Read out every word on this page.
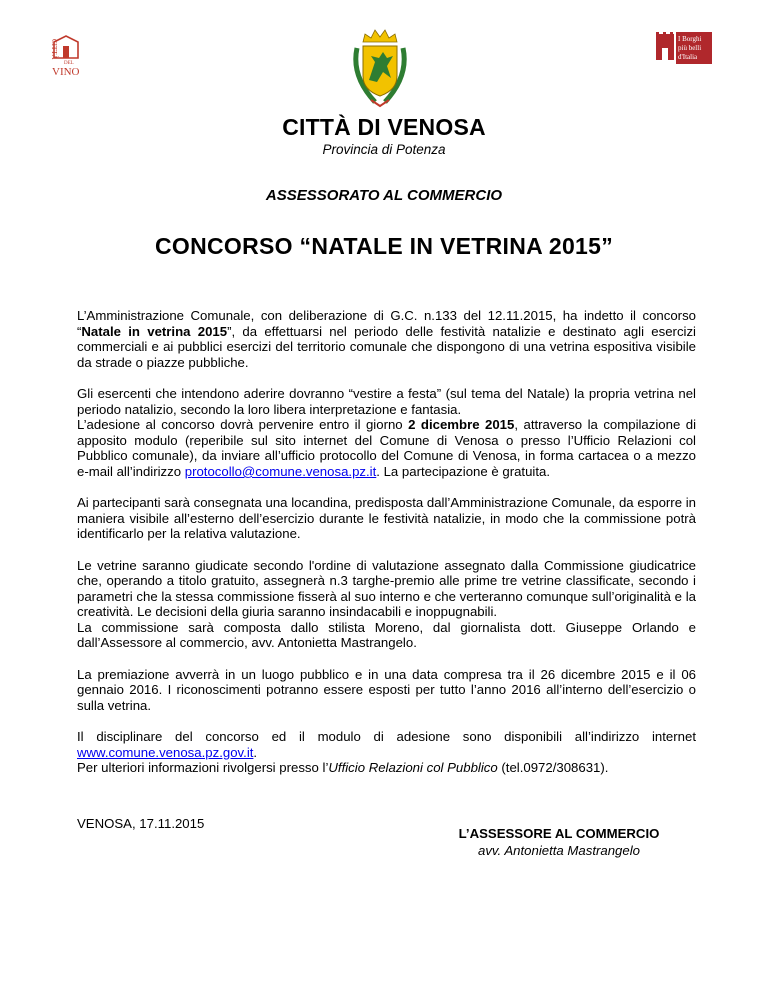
CITTÀ
DEL
VINO
I Borghi
più belli
d'Italia
CITTÀ DI VENOSA
Provincia di Potenza
ASSESSORATO AL COMMERCIO
CONCORSO “NATALE IN VETRINA 2015”

L’Amministrazione Comunale, con deliberazione di G.C. n.133 del 12.11.2015, ha indetto il concorso “Natale in vetrina 2015”, da effettuarsi nel periodo delle festività natalizie e destinato agli esercizi commerciali e ai pubblici esercizi del territorio comunale che dispongono di una vetrina espositiva visibile da strade o piazze pubbliche.

Gli esercenti che intendono aderire dovranno “vestire a festa” (sul tema del Natale) la propria vetrina nel periodo natalizio, secondo la loro libera interpretazione e fantasia.
L’adesione al concorso dovrà pervenire entro il giorno 2 dicembre 2015, attraverso la compilazione di apposito modulo (reperibile sul sito internet del Comune di Venosa o presso l’Ufficio Relazioni col Pubblico comunale), da inviare all’ufficio protocollo del Comune di Venosa, in forma cartacea o a mezzo e-mail all’indirizzo protocollo@comune.venosa.pz.it. La partecipazione è gratuita.

Ai partecipanti sarà consegnata una locandina, predisposta dall’Amministrazione Comunale, da esporre in maniera visibile all’esterno dell’esercizio durante le festività natalizie, in modo che la commissione potrà identificarlo per la relativa valutazione.

Le vetrine saranno giudicate secondo l'ordine di valutazione assegnato dalla Commissione giudicatrice che, operando a titolo gratuito, assegnerà n.3 targhe-premio alle prime tre vetrine classificate, secondo i parametri che la stessa commissione fisserà al suo interno e che verteranno comunque sull’originalità e la creatività. Le decisioni della giuria saranno insindacabili e inoppugnabili.
La commissione sarà composta dallo stilista Moreno, dal giornalista dott. Giuseppe Orlando e dall’Assessore al commercio, avv. Antonietta Mastrangelo.

La premiazione avverrà in un luogo pubblico e in una data compresa tra il 26 dicembre 2015 e il 06 gennaio 2016. I riconoscimenti potranno essere esposti per tutto l’anno 2016 all’interno dell’esercizio o sulla vetrina.

Il disciplinare del concorso ed il modulo di adesione sono disponibili all’indirizzo internet www.comune.venosa.pz.gov.it.
Per ulteriori informazioni rivolgersi presso l’Ufficio Relazioni col Pubblico (tel.0972/308631).

VENOSA, 17.11.2015
L’ASSESSORE AL COMMERCIO
avv. Antonietta Mastrangelo
